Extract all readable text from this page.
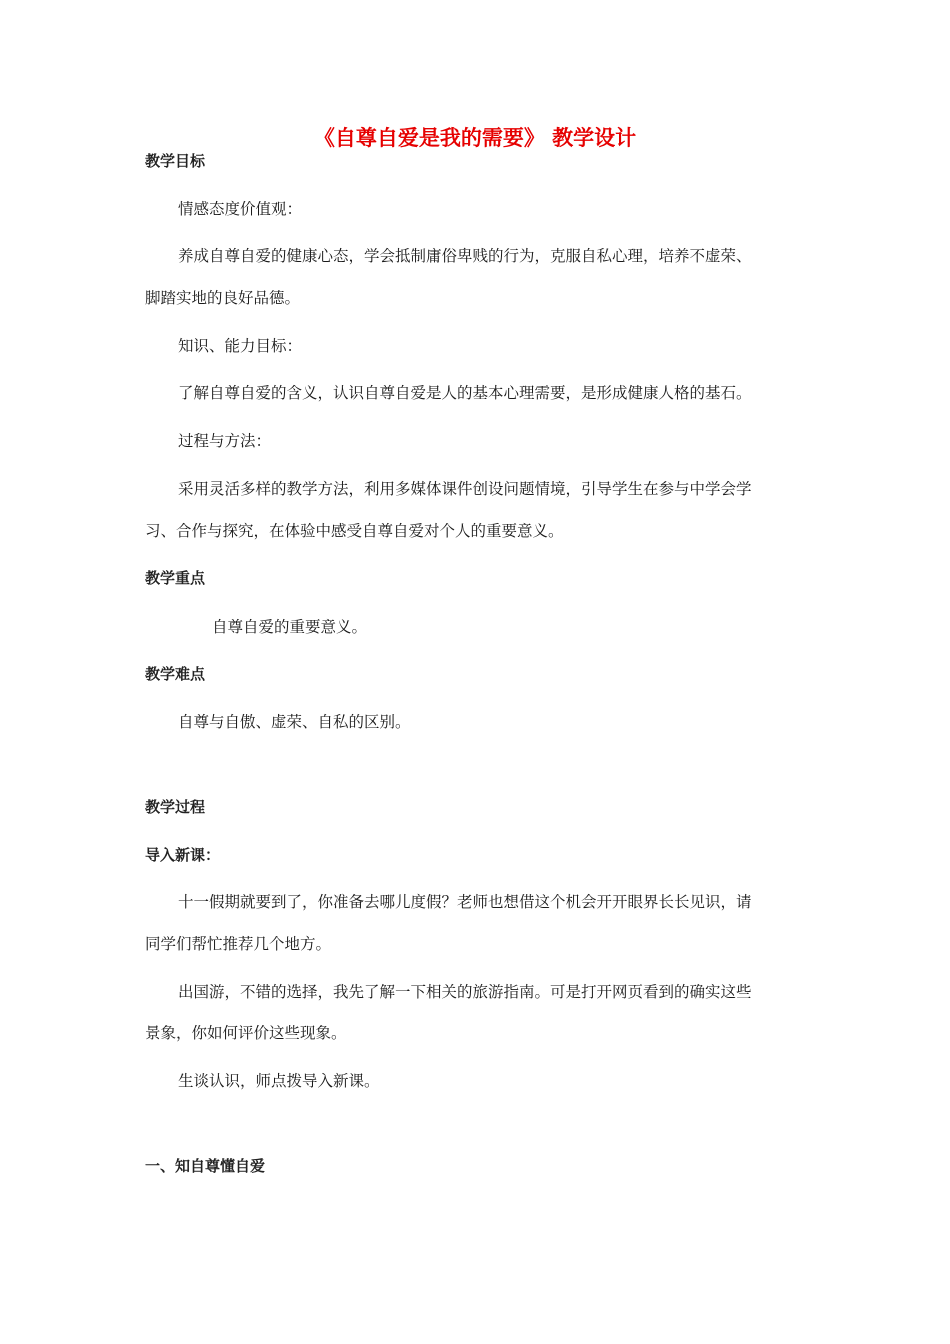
《自尊自爱是我的需要》 教学设计
教学目标
情感态度价值观：
养成自尊自爱的健康心态，学会抵制庸俗卑贱的行为，克服自私心理，培养不虚荣、
脚踏实地的良好品德。
知识、能力目标：
了解自尊自爱的含义，认识自尊自爱是人的基本心理需要，是形成健康人格的基石。
过程与方法：
采用灵活多样的教学方法，利用多媒体课件创设问题情境，引导学生在参与中学会学
习、合作与探究，在体验中感受自尊自爱对个人的重要意义。
教学重点
自尊自爱的重要意义。
教学难点
自尊与自傲、虚荣、自私的区别。
教学过程
导入新课：
十一假期就要到了，你准备去哪儿度假？老师也想借这个机会开开眼界长长见识，请
同学们帮忙推荐几个地方。
出国游，不错的选择，我先了解一下相关的旅游指南。可是打开网页看到的确实这些
景象，你如何评价这些现象。
生谈认识，师点拨导入新课。
一、知自尊懂自爱
